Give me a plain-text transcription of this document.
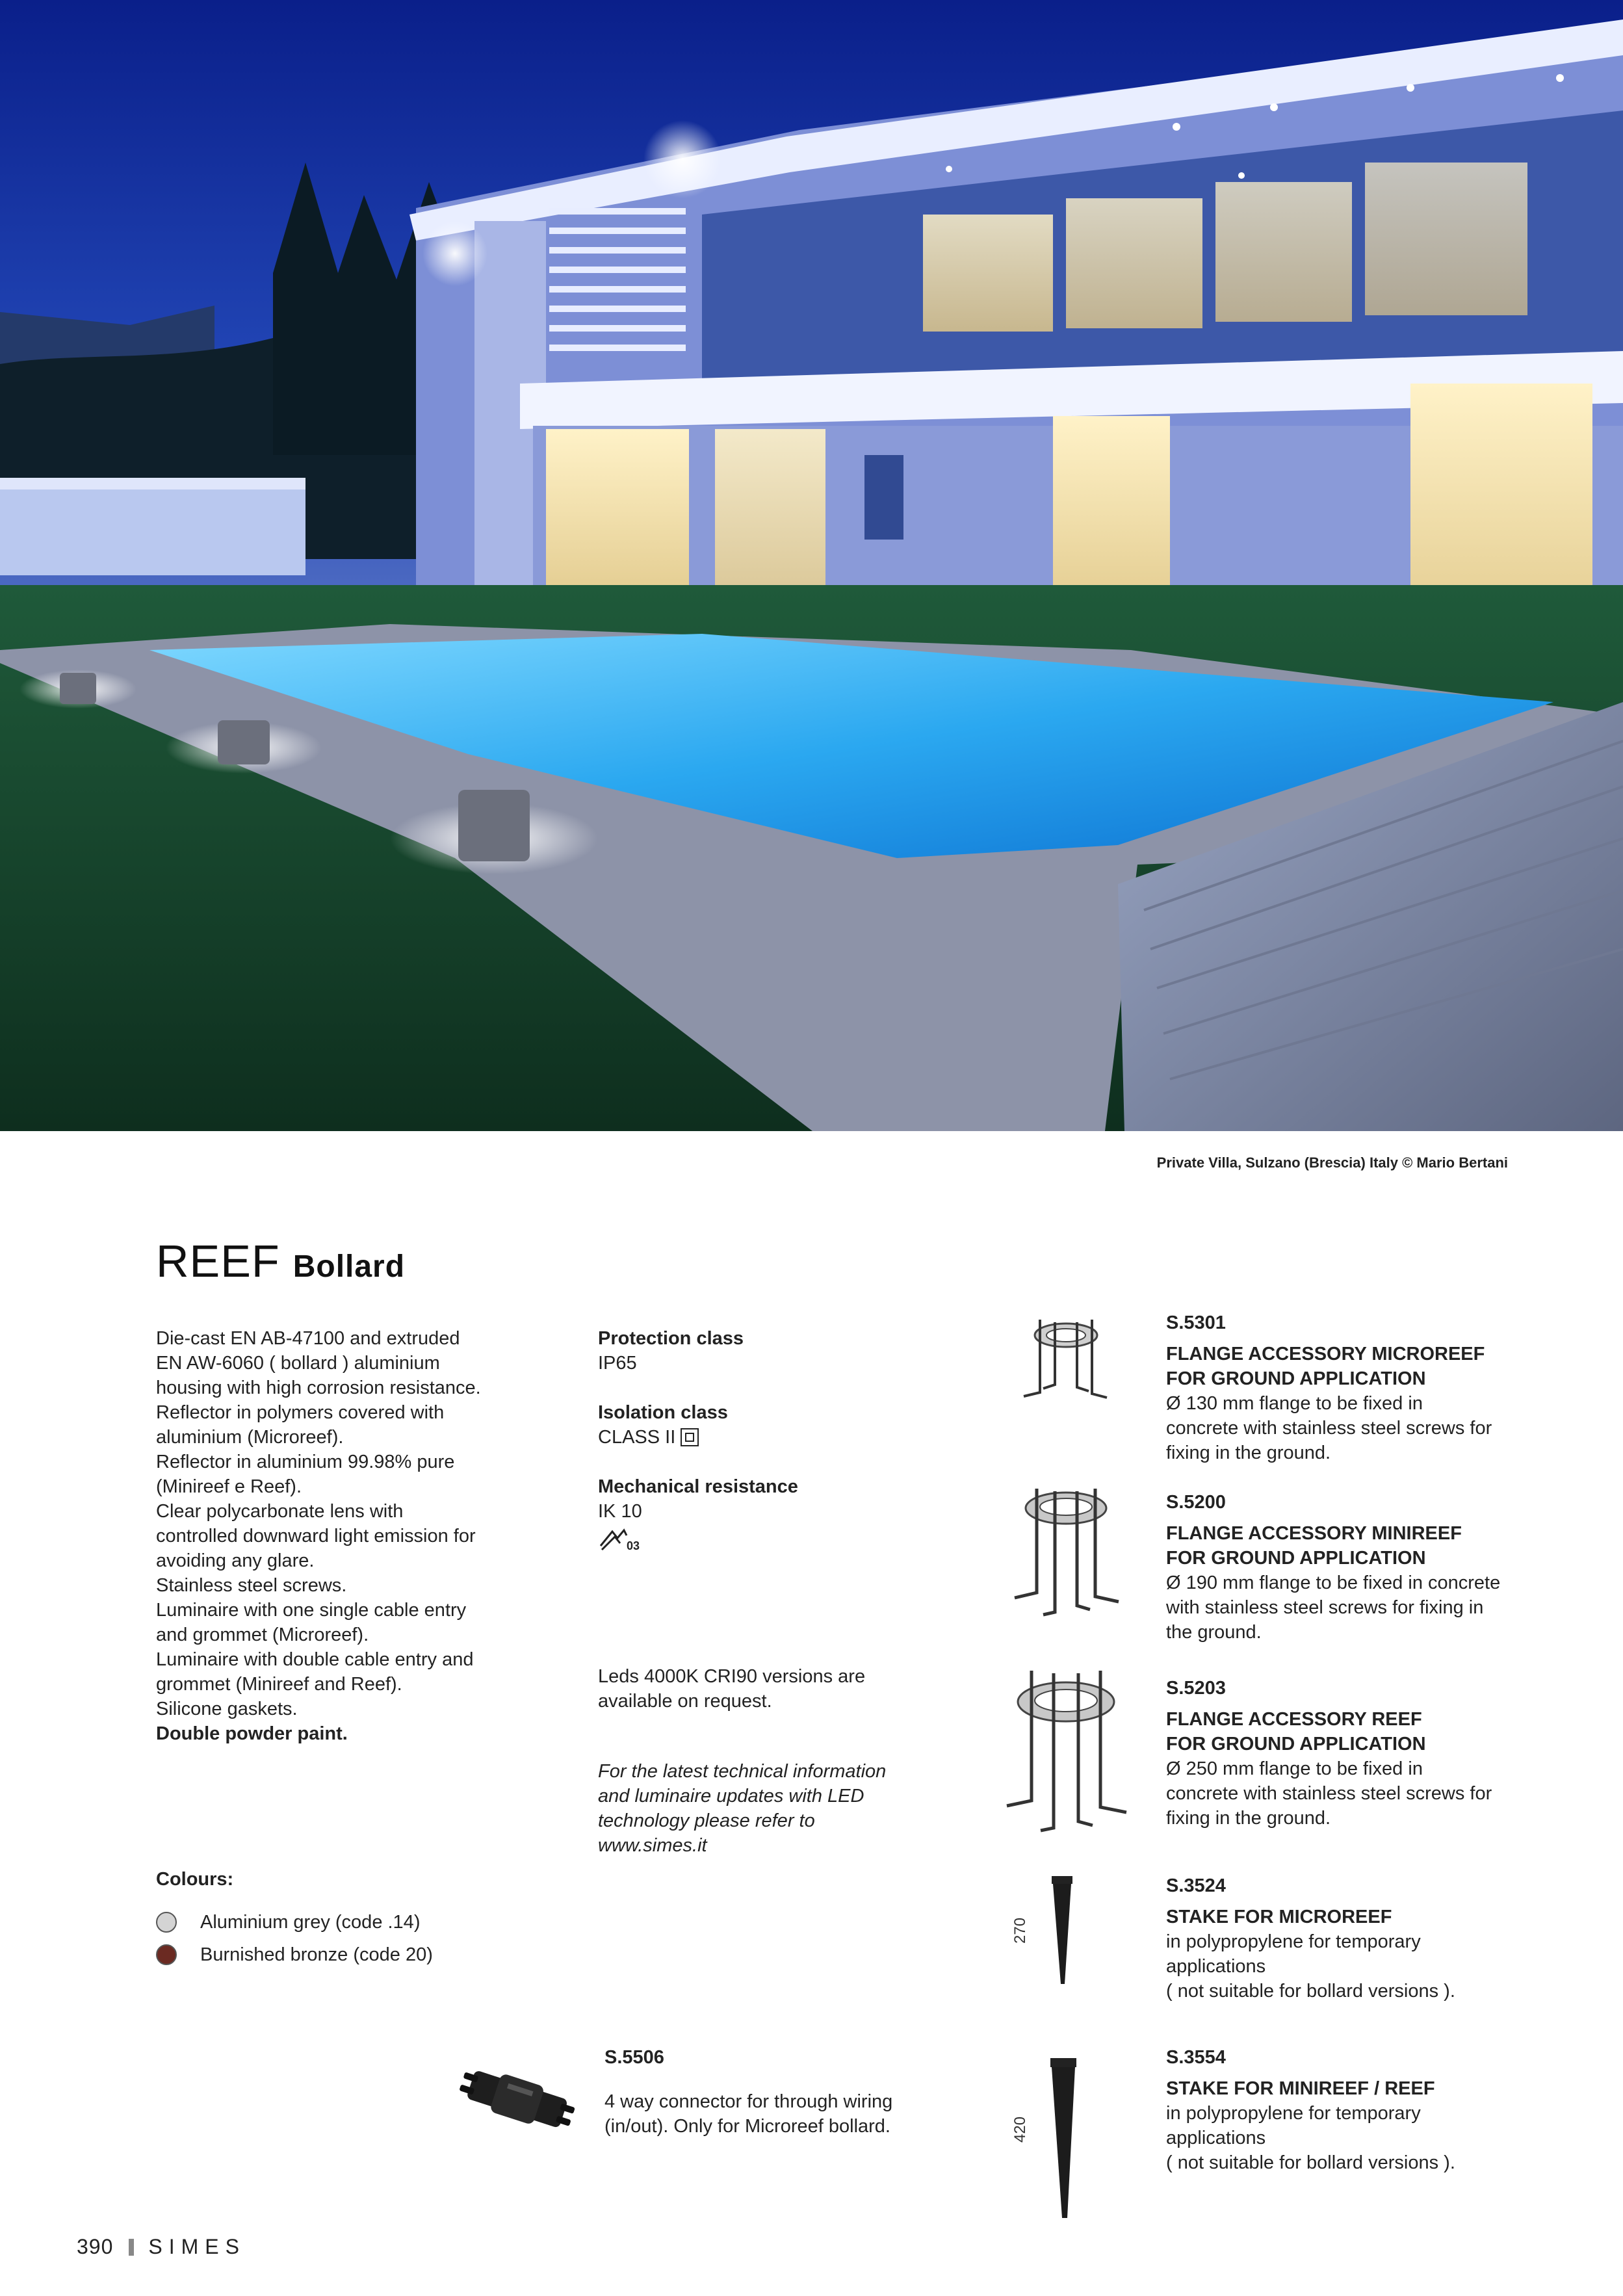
Private Villa, Sulzano (Brescia) Italy © Mario Bertani
REEF Bollard

Die-cast EN AB-47100 and extruded

EN AW-6060 ( bollard ) aluminium

housing with high corrosion resistance.

Reflector in polymers covered with

aluminium (Microreef).

Reflector in aluminium 99.98% pure

(Minireef e Reef).

Clear polycarbonate lens with

controlled downward light emission for

avoiding any glare.

Stainless steel screws.

Luminaire with one single cable entry

and grommet (Microreef).

Luminaire with double cable entry and

grommet (Minireef and Reef).

Silicone gaskets.

Double powder paint.

Protection class
IP65
Isolation class
CLASS II
Mechanical resistance
IK 10
03
Leds 4000K CRI90 versions are
available on request.
For the latest technical information
and luminaire updates with LED
technology please refer to
www.simes.it
Colours:
Aluminium grey (code .14)
Burnished bronze (code 20)
S.5506
4 way connector for through wiring
(in/out). Only for Microreef bollard.
270
420
S.5301
FLANGE ACCESSORY MICROREEF
FOR GROUND APPLICATION
Ø 130 mm flange to be fixed in
concrete with stainless steel screws for
fixing in the ground.
S.5200
FLANGE ACCESSORY MINIREEF
FOR GROUND APPLICATION
Ø 190 mm flange to be fixed in concrete
with stainless steel screws for fixing in
the ground.
S.5203
FLANGE ACCESSORY REEF
FOR GROUND APPLICATION
Ø 250 mm flange to be fixed in
concrete with stainless steel screws for
fixing in the ground.
S.3524
STAKE FOR MICROREEF
in polypropylene for temporary
applications
( not suitable for bollard versions ).
S.3554
STAKE FOR MINIREEF / REEF
in polypropylene for temporary
applications
( not suitable for bollard versions ).
390 SIMES
